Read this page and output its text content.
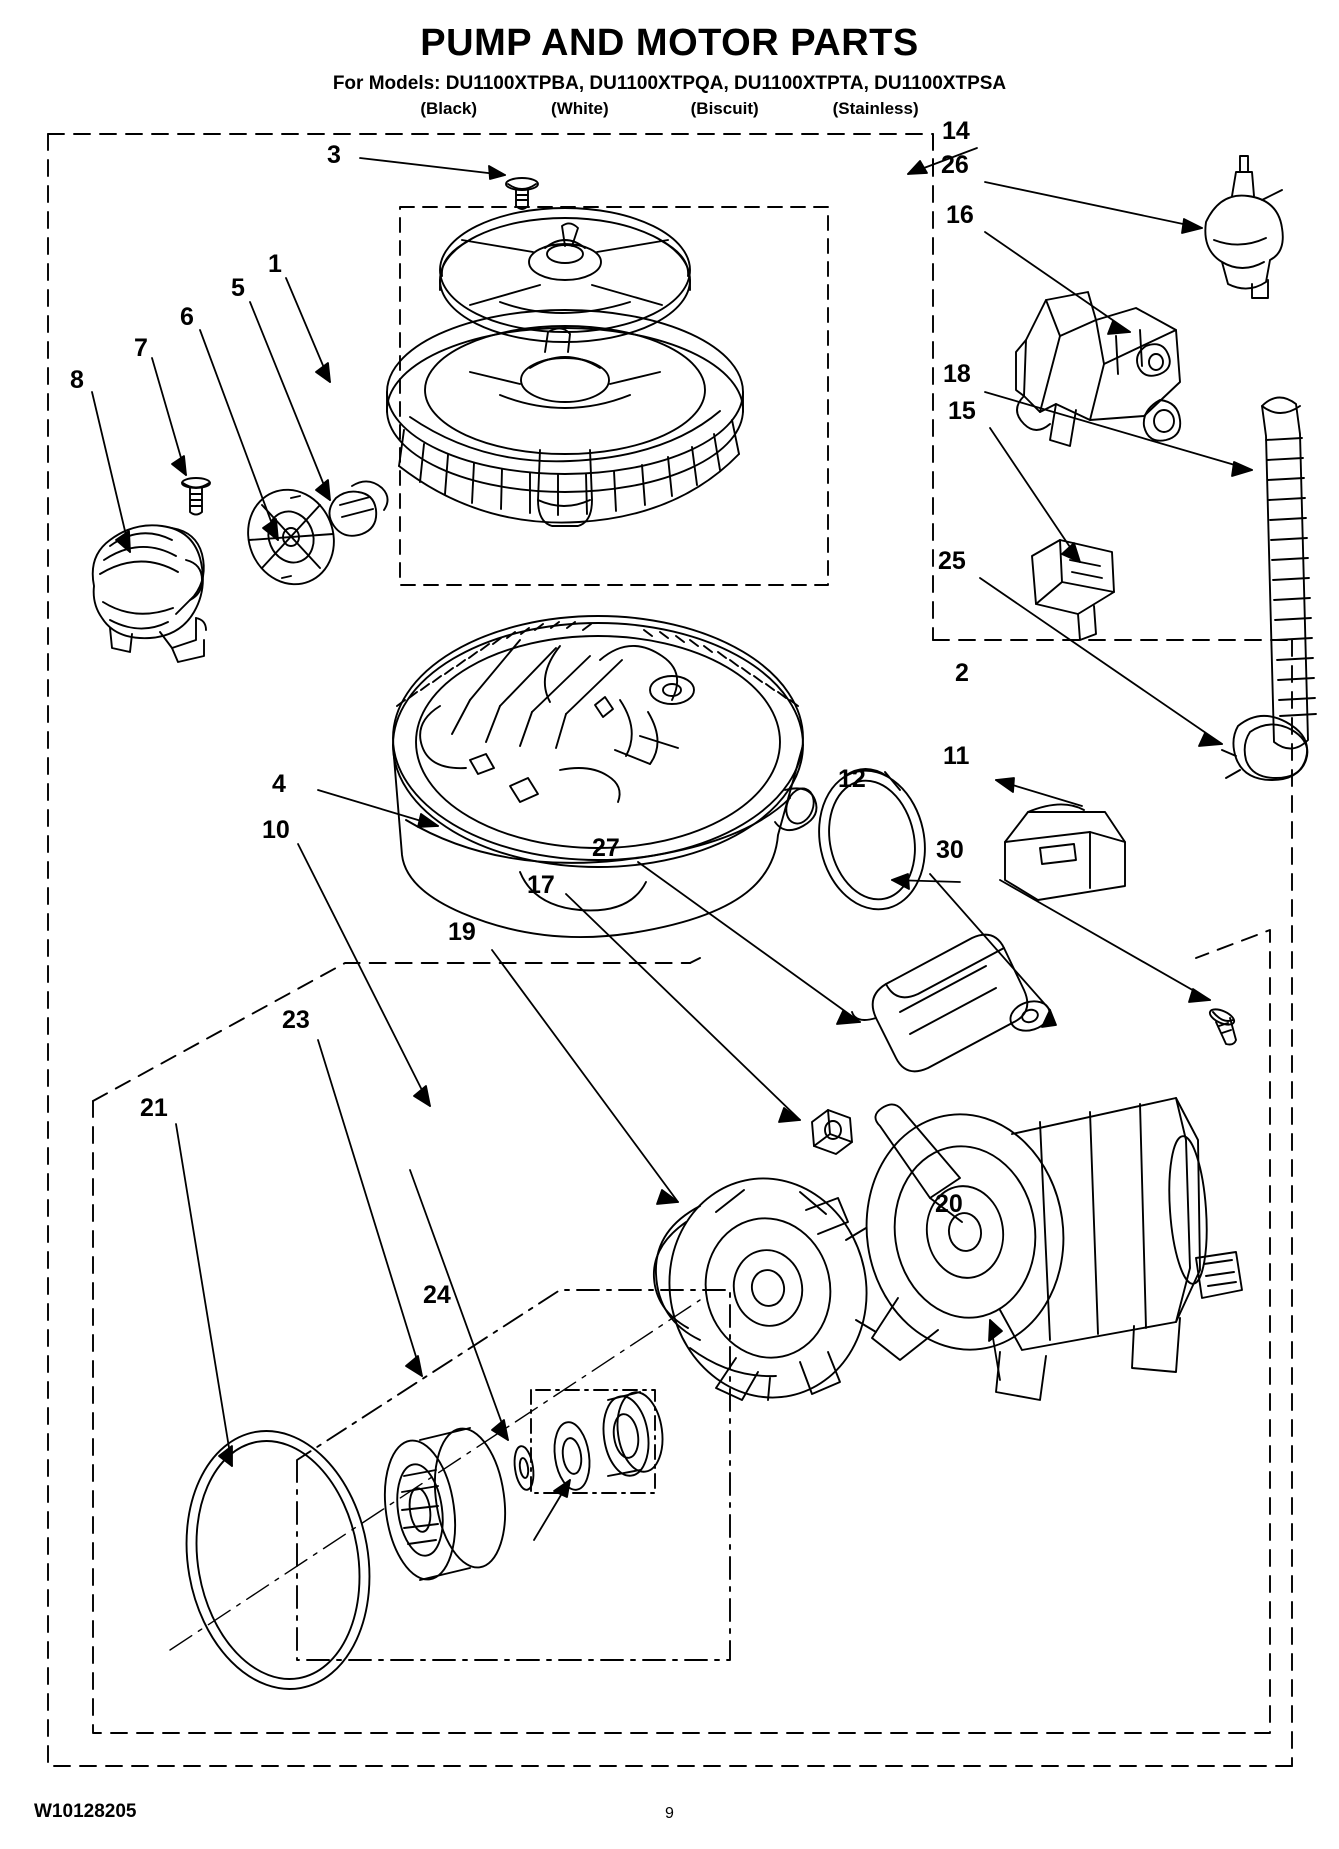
PUMP AND MOTOR PARTS
For Models: DU1100XTPBA, DU1100XTPQA, DU1100XTPTA, DU1100XTPSA
(Black)	(White)	(Biscuit)	(Stainless)
3
1
5
6
7
8
14
26
16
18
15
25
2
11
12
4
10
27	30
17
19
23
20
21
24
W10128205	9
